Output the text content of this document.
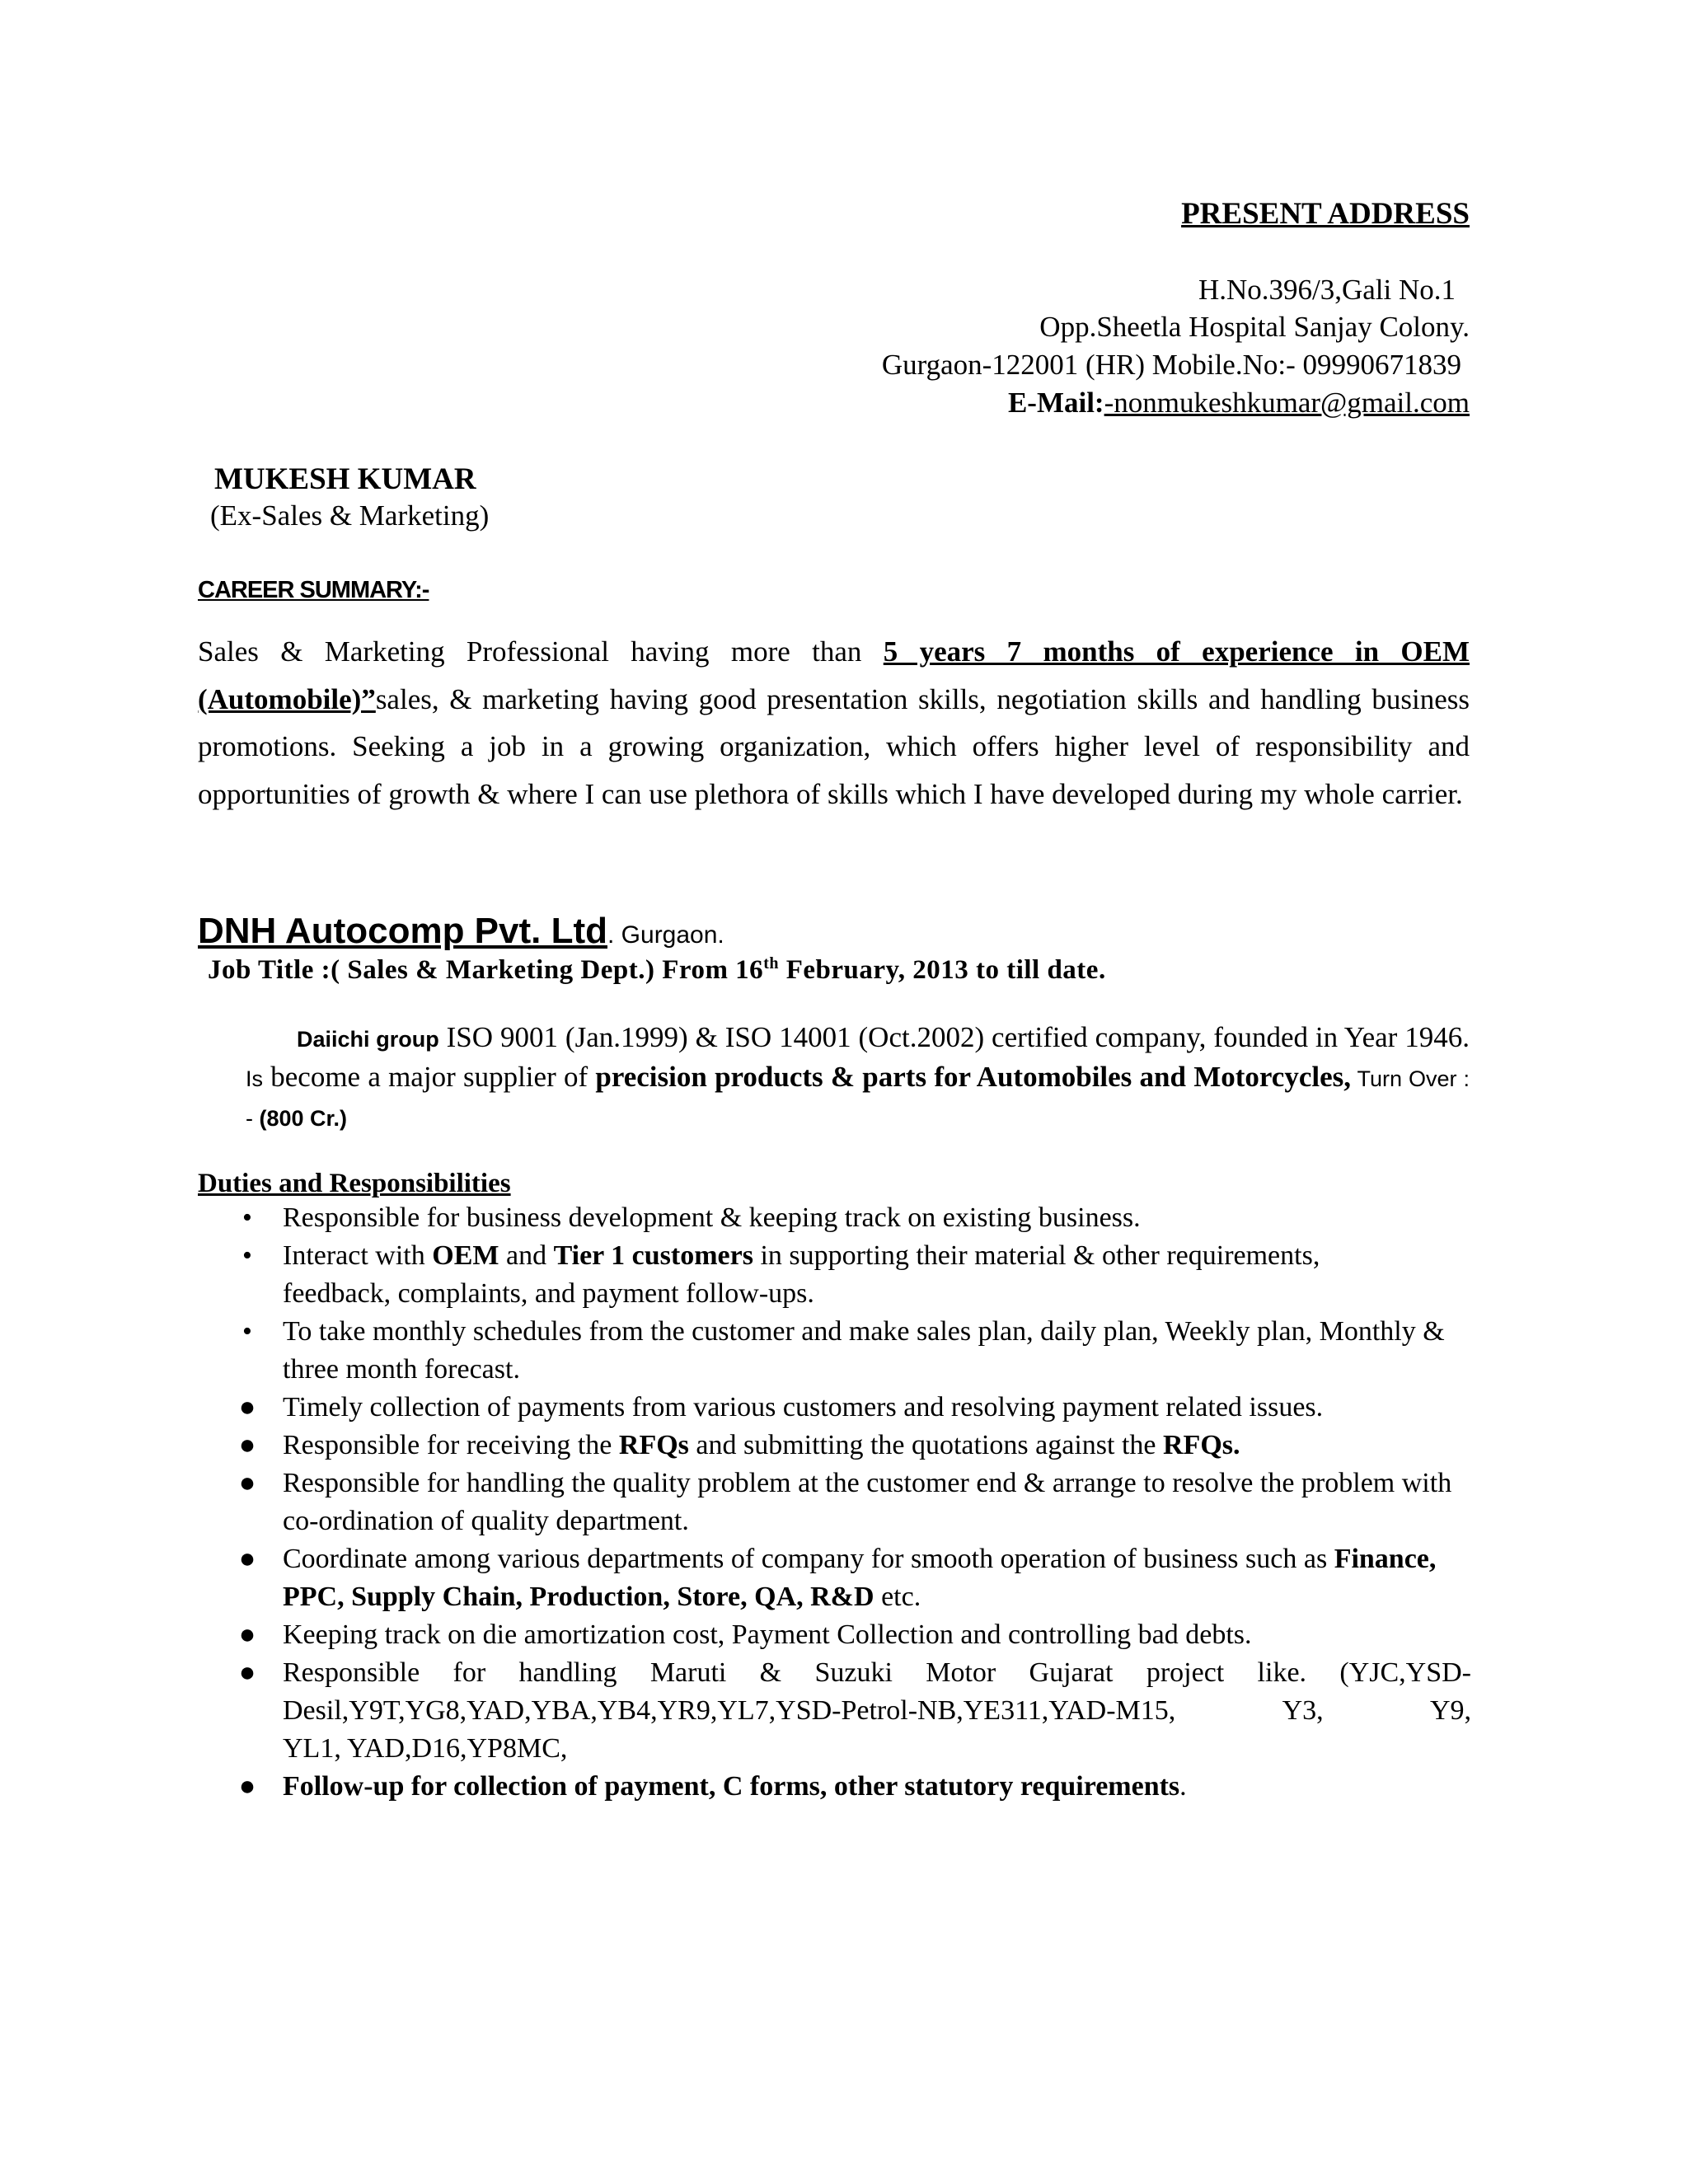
PRESENT ADDRESS
H.No.396/3,Gali No.1
Opp.Sheetla Hospital Sanjay Colony.
Gurgaon-122001 (HR) Mobile.No:- 09990671839
E-Mail:-nonmukeshkumar@gmail.com
MUKESH KUMAR
(Ex-Sales & Marketing)
CAREER SUMMARY:-
Sales & Marketing Professional having more than 5 years 7 months of experience in OEM (Automobile)”sales, & marketing having good presentation skills, negotiation skills and handling business promotions. Seeking a job in a growing organization, which offers higher level of responsibility and opportunities of growth & where I can use plethora of skills which I have developed during my whole carrier.
DNH Autocomp Pvt. Ltd. Gurgaon.
Job Title :( Sales & Marketing Dept.) From 16th February, 2013 to till date.
Daiichi group ISO 9001 (Jan.1999) & ISO 14001 (Oct.2002) certified company, founded in Year 1946. Is become a major supplier of precision products & parts for Automobiles and Motorcycles, Turn Over : - (800 Cr.)
Duties and Responsibilities
• Responsible for business development & keeping track on existing business.
• Interact with OEM and Tier 1 customers in supporting their material & other requirements, feedback, complaints, and payment follow-ups.
• To take monthly schedules from the customer and make sales plan, daily plan, Weekly plan, Monthly & three month forecast.
● Timely collection of payments from various customers and resolving payment related issues.
● Responsible for receiving the RFQs and submitting the quotations against the RFQs.
● Responsible for handling the quality problem at the customer end & arrange to resolve the problem with co-ordination of quality department.
● Coordinate among various departments of company for smooth operation of business such as Finance, PPC, Supply Chain, Production, Store, QA, R&D etc.
● Keeping track on die amortization cost, Payment Collection and controlling bad debts.
● Responsible for handling Maruti & Suzuki Motor Gujarat project like. (YJC,YSD-
Desil,Y9T,YG8,YAD,YBA,YB4,YR9,YL7,YSD-Petrol-NB,YE311,YAD-M15, Y3, Y9,
YL1, YAD,D16,YP8MC,
● Follow-up for collection of payment, C forms, other statutory requirements.
